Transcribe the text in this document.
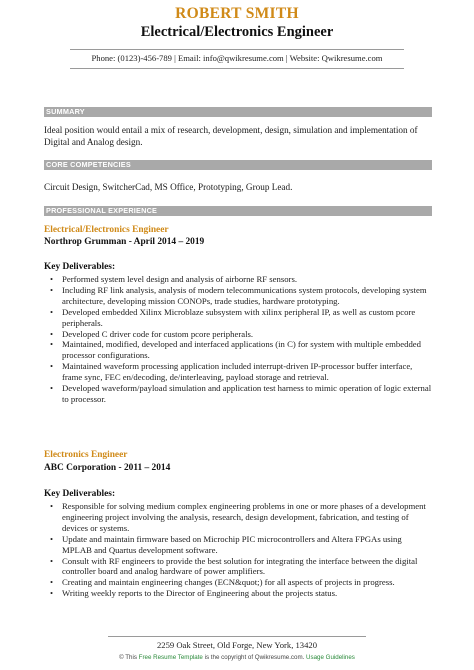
ROBERT SMITH
Electrical/Electronics Engineer
Phone: (0123)-456-789 | Email: info@qwikresume.com | Website: Qwikresume.com
SUMMARY
Ideal position would entail a mix of research, development, design, simulation and implementation of Digital and Analog design.
CORE COMPETENCIES
Circuit Design, SwitcherCad, MS Office, Prototyping, Group Lead.
PROFESSIONAL EXPERIENCE
Electrical/Electronics Engineer
Northrop Grumman - April 2014 – 2019
Key Deliverables:
• Performed system level design and analysis of airborne RF sensors.
• Including RF link analysis, analysis of modern telecommunications system protocols, developing system architecture, developing mission CONOPs, trade studies, hardware prototyping.
• Developed embedded Xilinx Microblaze subsystem with xilinx peripheral IP, as well as custom pcore peripherals.
• Developed C driver code for custom pcore peripherals.
• Maintained, modified, developed and interfaced applications (in C) for system with multiple embedded processor configurations.
• Maintained waveform processing application included interrupt-driven IP-processor buffer interface, frame sync, FEC en/decoding, de/interleaving, payload storage and retrieval.
• Developed waveform/payload simulation and application test harness to mimic operation of logic external to processor.
Electronics Engineer
ABC Corporation - 2011 – 2014
Key Deliverables:
• Responsible for solving medium complex engineering problems in one or more phases of a development engineering project involving the analysis, research, design development, fabrication, and testing of devices or systems.
• Update and maintain firmware based on Microchip PIC microcontrollers and Altera FPGAs using MPLAB and Quartus development software.
• Consult with RF engineers to provide the best solution for integrating the interface between the digital controller board and analog hardware of power amplifiers.
• Creating and maintain engineering changes (ECN&quot;) for all aspects of projects in progress.
• Writing weekly reports to the Director of Engineering about the projects status.
2259 Oak Street, Old Forge, New York, 13420
© This Free Resume Template is the copyright of Qwikresume.com. Usage Guidelines
